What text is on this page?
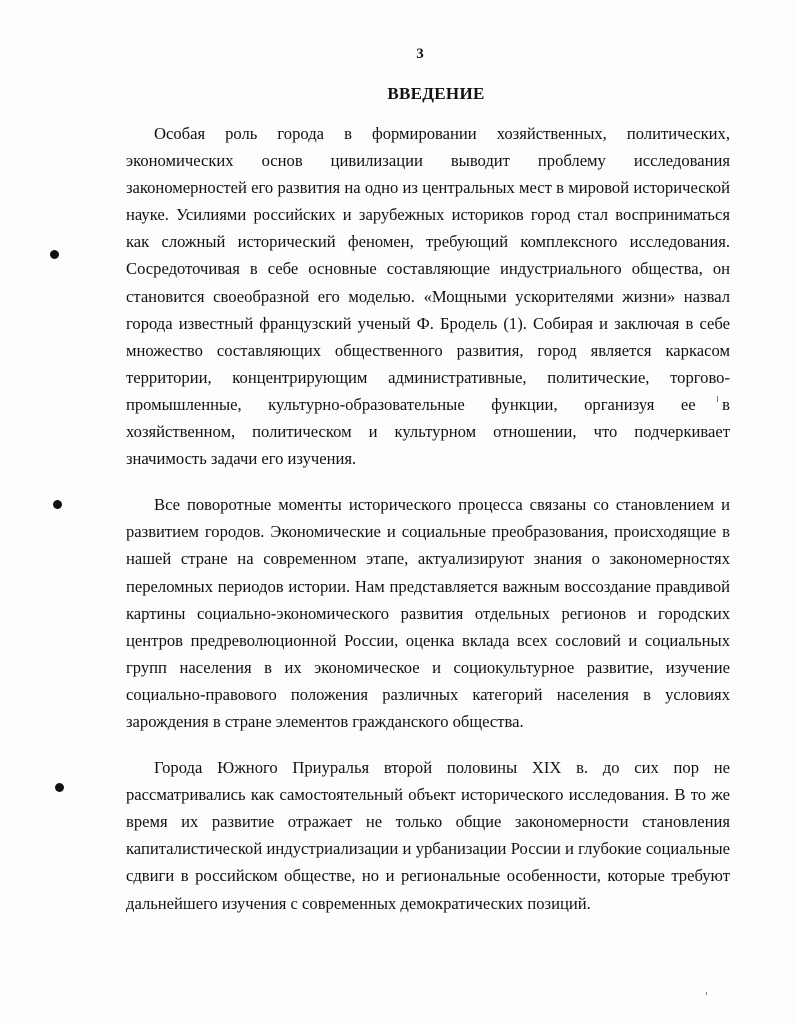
3
ВВЕДЕНИЕ

Особая роль города в формировании хозяйственных, политических, экономических основ цивилизации выводит проблему исследования закономерностей его развития на одно из центральных мест в мировой исторической науке. Усилиями российских и зарубежных историков город стал восприниматься как сложный исторический феномен, требующий комплексного исследования. Сосредоточивая в себе основные составляющие индустриального общества, он становится своеобразной его моделью. «Мощными ускорителями жизни» назвал города известный французский ученый Ф. Бродель (1). Собирая и заключая в себе множество составляющих общественного развития, город является каркасом территории, концентрирующим административные, политические, торгово-промышленные, культурно-образовательные функции, организуя ее в хозяйственном, политическом и культурном отношении, что подчеркивает значимость задачи его изучения.

Все поворотные моменты исторического процесса связаны со становлением и развитием городов. Экономические и социальные преобразования, происходящие в нашей стране на современном этапе, актуализируют знания о закономерностях переломных периодов истории. Нам представляется важным воссоздание правдивой картины социально-экономического развития отдельных регионов и городских центров предреволюционной России, оценка вклада всех сословий и социальных групп населения в их экономическое и социокультурное развитие, изучение социально-правового положения различных категорий населения в условиях зарождения в стране элементов гражданского общества.

Города Южного Приуралья второй половины XIX в. до сих пор не рассматривались как самостоятельный объект исторического исследования. В то же время их развитие отражает не только общие закономерности становления капиталистической индустриализации и урбанизации России и глубокие социальные сдвиги в российском обществе, но и региональные особенности, которые требуют дальнейшего изучения с современных демократических позиций.
